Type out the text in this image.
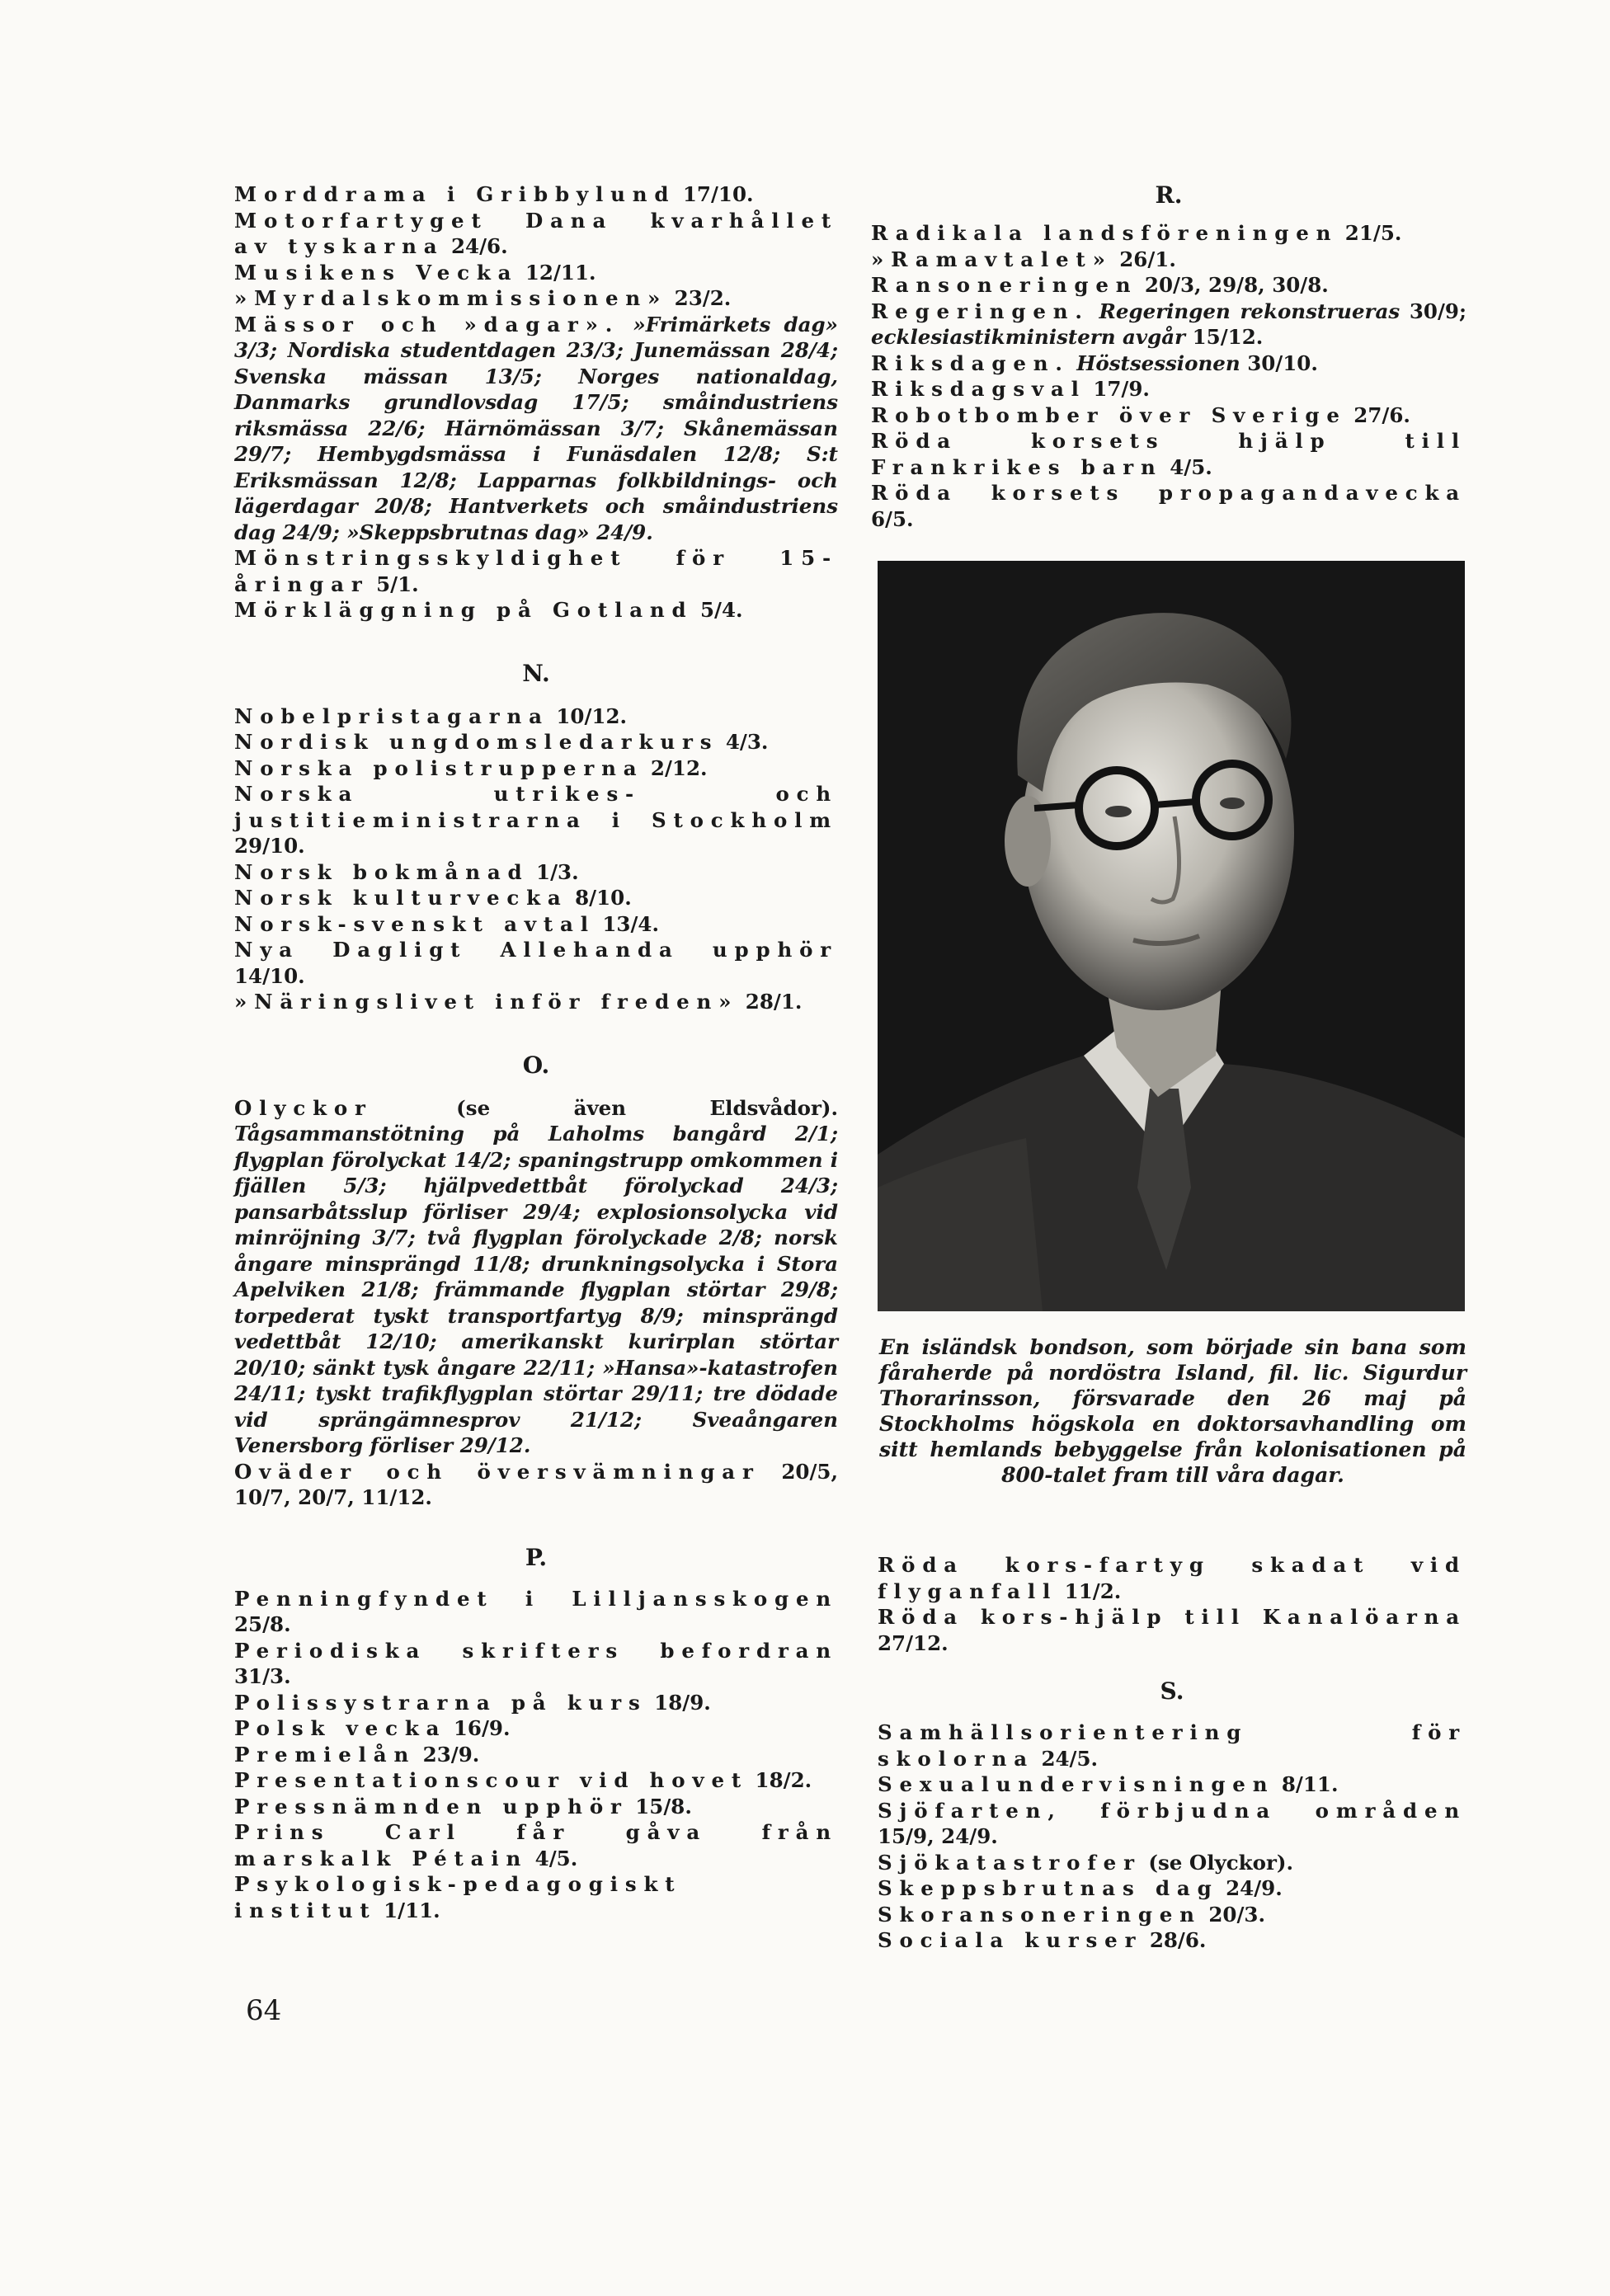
Morddrama i Gribbylund 17/10.

Motorfartyget Dana kvarhållet av tyskarna 24/6.

Musikens Vecka 12/11.

»Myrdalskommissionen» 23/2.

Mässor och »dagar». »Frimärkets dag» 3/3; Nordiska studentdagen 23/3; Junemässan 28/4; Svenska mässan 13/5; Norges nationaldag, Danmarks grundlovsdag 17/5; småindustriens riksmässa 22/6; Härnömässan 3/7; Skånemässan 29/7; Hembygdsmässa i Funäsdalen 12/8; S:t Eriksmässan 12/8; Lapparnas folkbildnings- och lägerdagar 20/8; Hantverkets och småindustriens dag 24/9; »Skeppsbrutnas dag» 24/9.

Mönstringsskyldighet för 15-åringar 5/1.

Mörkläggning på Gotland 5/4.

N.

Nobelpristagarna 10/12.

Nordisk ungdomsledarkurs 4/3.

Norska polistrupperna 2/12.

Norska utrikes- och justitieministrarna i Stockholm 29/10.

Norsk bokmånad 1/3.

Norsk kulturvecka 8/10.

Norsk-svenskt avtal 13/4.

Nya Dagligt Allehanda upphör 14/10.

»Näringslivet inför freden» 28/1.

O.

Olyckor (se även Eldsvådor). Tågsammanstötning på Laholms bangård 2/1; flygplan förolyckat 14/2; spaningstrupp omkommen i fjällen 5/3; hjälpvedettbåt förolyckad 24/3; pansarbåtsslup förliser 29/4; explosionsolycka vid minröjning 3/7; två flygplan förolyckade 2/8; norsk ångare minsprängd 11/8; drunkningsolycka i Stora Apelviken 21/8; främmande flygplan störtar 29/8; torpederat tyskt transportfartyg 8/9; minsprängd vedettbåt 12/10; amerikanskt kurirplan störtar 20/10; sänkt tysk ångare 22/11; »Hansa»-katastrofen 24/11; tyskt trafikflygplan störtar 29/11; tre dödade vid sprängämnesprov 21/12; Sveaångaren Venersborg förliser 29/12.

Oväder och översvämningar 20/5, 10/7, 20/7, 11/12.

P.

Penningfyndet i Lilljansskogen 25/8.

Periodiska skrifters befordran 31/3.

Polissystrarna på kurs 18/9.

Polsk vecka 16/9.

Premielån 23/9.

Presentationscour vid hovet 18/2.

Pressnämnden upphör 15/8.

Prins Carl får gåva från marskalk Pétain 4/5.

Psykologisk-pedagogiskt institut 1/11.

64

R.

Radikala landsföreningen 21/5.

»Ramavtalet» 26/1.

Ransoneringen 20/3, 29/8, 30/8.

Regeringen. Regeringen rekonstrueras 30/9; ecklesiastikministern avgår 15/12.

Riksdagen. Höstsessionen 30/10.

Riksdagsval 17/9.

Robotbomber över Sverige 27/6.

Röda korsets hjälp till Frankrikes barn 4/5.

Röda korsets propagandavecka 6/5.

En isländsk bondson, som började sin bana som fåraherde på nordöstra Island, fil. lic. Sigurdur Thorarinsson, försvarade den 26 maj på Stockholms högskola en doktorsavhandling om sitt hemlands bebyggelse från kolonisationen på 800-talet fram till våra dagar.

Röda kors-fartyg skadat vid flyganfall 11/2.

Röda kors-hjälp till Kanalöarna 27/12.

S.

Samhällsorientering för skolorna 24/5.

Sexualundervisningen 8/11.

Sjöfarten, förbjudna områden 15/9, 24/9.

Sjökatastrofer (se Olyckor).

Skeppsbrutnas dag 24/9.

Skoransoneringen 20/3.

Sociala kurser 28/6.
